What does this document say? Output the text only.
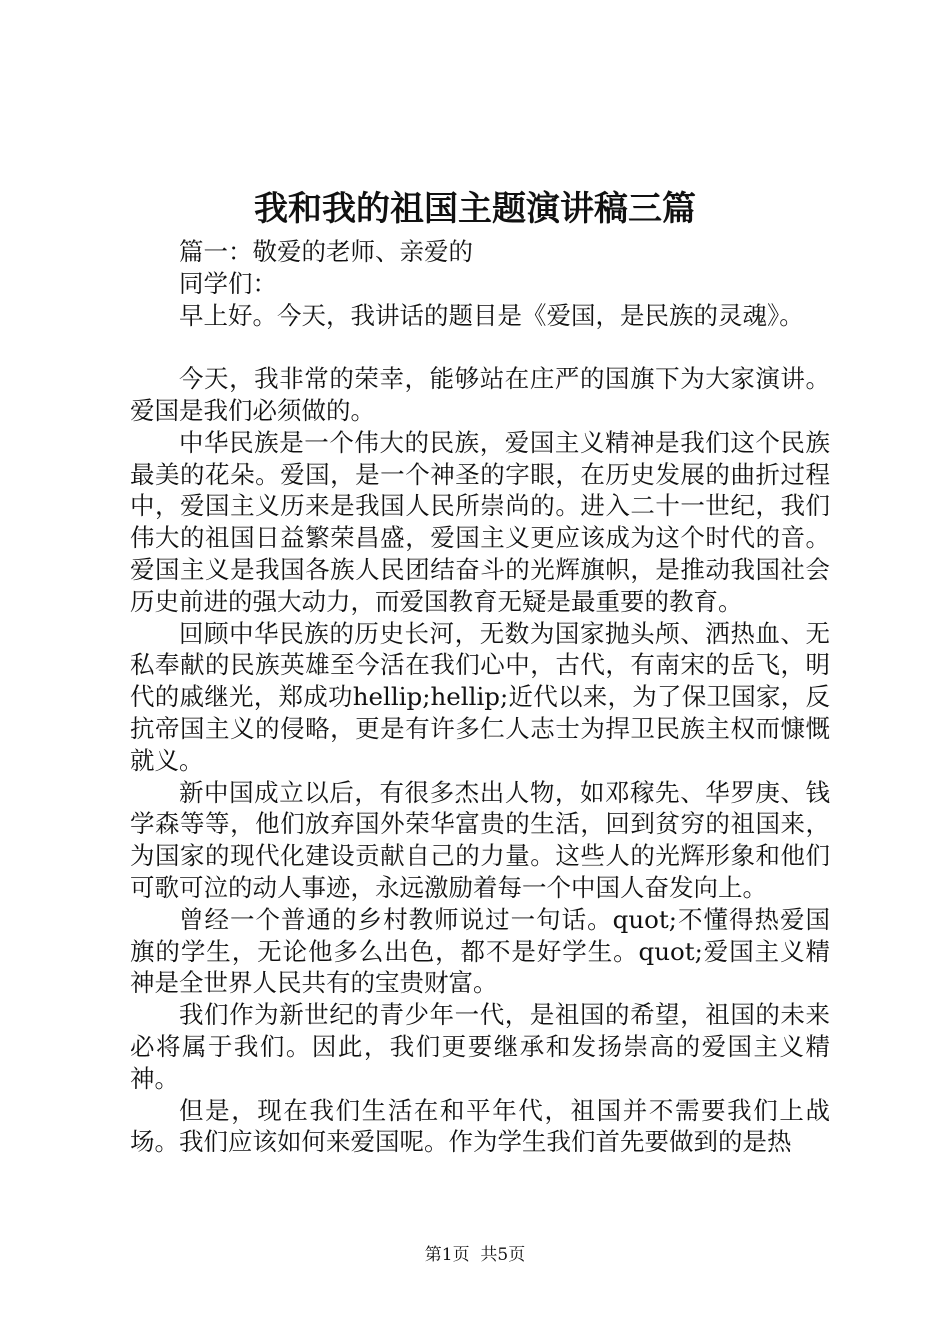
我和我的祖国主题演讲稿三篇

篇一：敬爱的老师、亲爱的

同学们：

早上好。今天，我讲话的题目是《爱国，是民族的灵魂》。

今天，我非常的荣幸，能够站在庄严的国旗下为大家演讲。爱国是我们必须做的。

中华民族是一个伟大的民族，爱国主义精神是我们这个民族最美的花朵。爱国，是一个神圣的字眼，在历史发展的曲折过程中，爱国主义历来是我国人民所崇尚的。进入二十一世纪，我们伟大的祖国日益繁荣昌盛，爱国主义更应该成为这个时代的音。爱国主义是我国各族人民团结奋斗的光辉旗帜，是推动我国社会历史前进的强大动力，而爱国教育无疑是最重要的教育。

回顾中华民族的历史长河，无数为国家抛头颅、洒热血、无私奉献的民族英雄至今活在我们心中，古代，有南宋的岳飞，明代的戚继光，郑成功hellip;hellip;近代以来，为了保卫国家，反抗帝国主义的侵略，更是有许多仁人志士为捍卫民族主权而慷慨就义。

新中国成立以后，有很多杰出人物，如邓稼先、华罗庚、钱学森等等，他们放弃国外荣华富贵的生活，回到贫穷的祖国来，为国家的现代化建设贡献自己的力量。这些人的光辉形象和他们可歌可泣的动人事迹，永远激励着每一个中国人奋发向上。

曾经一个普通的乡村教师说过一句话。quot;不懂得热爱国旗的学生，无论他多么出色，都不是好学生。quot;爱国主义精神是全世界人民共有的宝贵财富。

我们作为新世纪的青少年一代，是祖国的希望，祖国的未来必将属于我们。因此，我们更要继承和发扬崇高的爱国主义精神。

但是，现在我们生活在和平年代，祖国并不需要我们上战场。我们应该如何来爱国呢。作为学生我们首先要做到的是热

第1页  共5页
